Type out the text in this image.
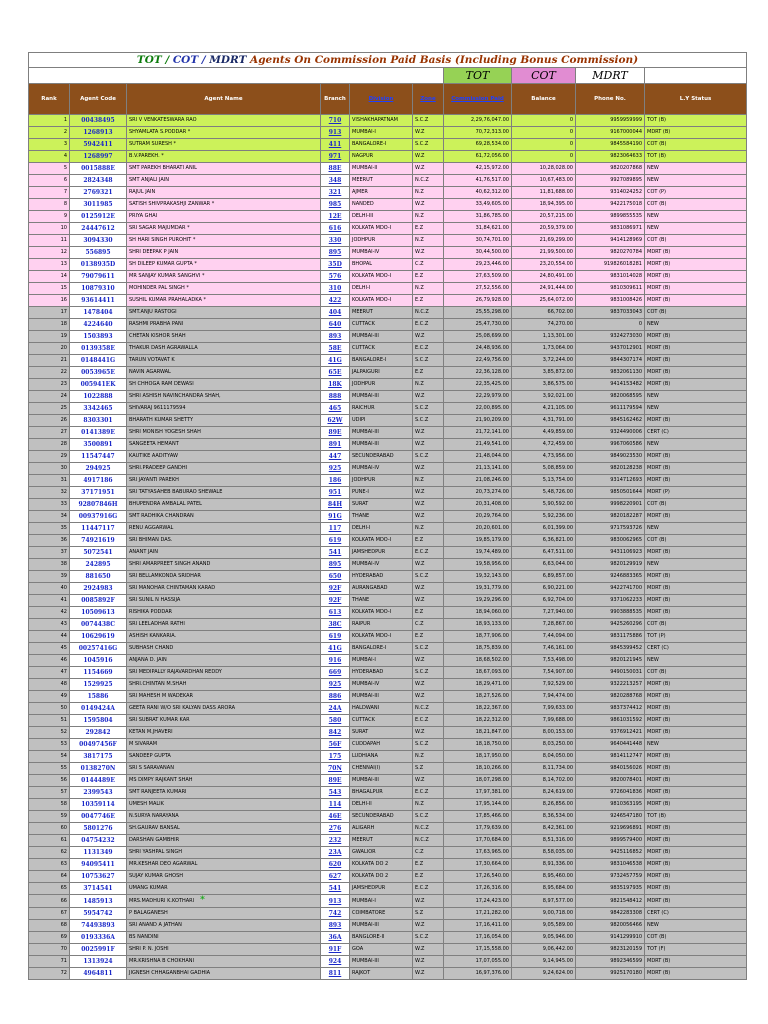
TOT / COT / MDRT Agents On Commission Paid Basis (Including Bonus Commission)									
						TOT	COT	MDRT	
Rank	Agent Code	Agent Name	Branch	Division	Zone	Commission Paid	Balance	Phone No.	L.Y Status
1	00438495	SRI V VENKATESWARA RAO	710	VISHAKHAPATNAM	S.C.Z	2,29,76,047.00	0	9959959999	TOT (B)
2	1268913	SHYAMLATA S.PODDAR *	913	MUMBAI-I	W.Z	70,72,313.00	0	9167000044	MDRT (B)
3	5942411	SUTRAM SURESH *	411	BANGALORE-I	S.C.Z	69,28,534.00	0	9845584190	COT (B)
4	1268997	B.V.PAREKH. *	971	NAGPUR	W.Z	61,72,056.00	0	9823064633	TOT (B)
5	0015888E	SMT PAREKH BHARATI ANIL	88E	MUMBAI-II	W.Z	42,15,972.00	10,28,028.00	9820207868	NEW
6	2824348	SMT ANJALI JAIN	348	MEERUT	N.C.Z	41,76,517.00	10,67,483.00	9927089895	NEW
7	2769321	RAJUL JAIN	321	AJMER	N.Z	40,62,312.00	11,81,688.00	9314024252	COT (P)
8	3011985	SATISH SHIVPRAKASHJI ZANWAR *	985	NANDED	W.Z	33,49,605.00	18,94,395.00	9422175018	COT (B)
9	0125912E	PRIYA GHAI	12E	DELHI-III	N.Z	31,86,785.00	20,57,215.00	9899855535	NEW
10	24447612	SRI SAGAR MAJUMDAR *	616	KOLKATA MDO-I	E.Z	31,84,621.00	20,59,379.00	9831086971	NEW
11	3094330	SH HARI SINGH PUROHIT *	330	JODHPUR	N.Z	30,74,701.00	21,69,299.00	9414128969	COT (B)
12	556895	SHRI DEEPAK P JAIN	895	MUMBAI-IV	W.Z	30,44,500.00	21,99,500.00	9820270784	MDRT (B)
13	0138935D	SH DILEEP KUMAR GUPTA *	35D	BHOPAL	C.Z	29,23,446.00	23,20,554.00	919826018281	MDRT (B)
14	79079611	MR SANJAY KUMAR SANGHVI *	576	KOLKATA MDO-I	E.Z	27,63,509.00	24,80,491.00	9831014028	MDRT (B)
15	10879310	MOHINDER PAL SINGH *	310	DELHI-I	N.Z	27,52,556.00	24,91,444.00	9810309611	MDRT (B)
16	93614411	SUSHIL KUMAR PRAHALADKA *	422	KOLKATA MDO-I	E.Z	26,79,928.00	25,64,072.00	9831008426	MDRT (B)
17	1478404	SMT.ANJU RASTOGI	404	MEERUT	N.C.Z	25,55,298.00	66,702.00	9837033043	COT (B)
18	4224640	RASHMI PRABHA PANI	640	CUTTACK	E.C.Z	25,47,730.00	74,270.00	0	NEW
19	1503893	CHETAN KISHOR SHAH	893	MUMBAI-III	W.Z	25,08,699.00	1,13,301.00	9324273030	MDRT (B)
20	0139358E	THAKUR DASH AGRAWALLA	58E	CUTTACK	E.C.Z	24,48,936.00	1,73,064.00	9437012901	MDRT (B)
21	0148441G	TARUN VOTAVAT K	41G	BANGALORE-I	S.C.Z	22,49,756.00	3,72,244.00	9844307174	MDRT (B)
22	0053965E	NAVIN AGARWAL	65E	JALPAIGURI	E.Z	22,36,128.00	3,85,872.00	9832061130	MDRT (B)
23	005941EK	SH CHHOGA RAM DEWASI	18K	JODHPUR	N.Z	22,35,425.00	3,86,575.00	9414153482	MDRT (B)
24	1022888	SHRI ASHISH NAVINCHANDRA SHAH,	888	MUMBAI-III	W.Z	22,29,979.00	3,92,021.00	9820068595	NEW
25	3342465	SHIVARAJ 9611179594	465	RAICHUR	S.C.Z	22,00,895.00	4,21,105.00	9611179594	NEW
26	8303301	BHARATH KUMAR SHETTY	62W	UDIPI	S.C.Z	21,90,209.00	4,31,791.00	9845162462	MDRT (B)
27	0141389E	SHRI MONISH YOGESH SHAH	89E	MUMBAI-III	W.Z	21,72,141.00	4,49,859.00	9324490006	CERT (C)
28	3500891	SANGEETA HEMANT	891	MUMBAI-III	W.Z	21,49,541.00	4,72,459.00	9967060586	NEW
29	11547447	KAUTIKE AADITYAW	447	SECUNDERABAD	S.C.Z	21,48,044.00	4,73,956.00	9849023530	MDRT (B)
30	294925	SHRI.PRADEEP GANDHI	925	MUMBAI-IV	W.Z	21,13,141.00	5,08,859.00	9820128238	MDRT (B)
31	4917186	SRI JAYANTI PAREKH	186	JODHPUR	N.Z	21,08,246.00	5,13,754.00	9314712693	MDRT (B)
32	37171951	SRI TATYASAHEB BABURAO SHEWALE	951	PUNE-I	W.Z	20,73,274.00	5,48,726.00	9850501644	MDRT (P)
33	92807846H	BHUPENDRA AMBALAL PATEL	84H	SURAT	W.Z	20,31,408.00	5,90,592.00	9998220901	COT (B)
34	00937916G	SMT RADHIKA CHANDRAN	91G	THANE	W.Z	20,29,764.00	5,92,236.00	9820182287	MDRT (B)
35	11447117	RENU AGGARWAL	117	DELHI-I	N.Z	20,20,601.00	6,01,399.00	9717593726	NEW
36	74921619	SRI BHIMAN DAS.	619	KOLKATA MDO-I	E.Z	19,85,179.00	6,36,821.00	9830062965	COT (B)
37	5072541	ANANT JAIN	541	JAMSHEDPUR	E.C.Z	19,74,489.00	6,47,511.00	9431106923	MDRT (B)
38	242895	SHRI AMARPREET SINGH ANAND	895	MUMBAI-IV	W.Z	19,58,956.00	6,63,044.00	9820129919	NEW
39	881650	SRI BELLAMKONDA SRIDHAR	650	HYDERABAD	S.C.Z	19,32,143.00	6,89,857.00	9246883365	MDRT (B)
40	2924983	SRI MANOHAR CHINTAMAN KARAD	92F	AURANGABAD	W.Z	19,31,779.00	6,90,221.00	9422741700	MDRT (B)
41	0085892F	SRI SUNIL N HASSIJA	92F	THANE	W.Z	19,29,296.00	6,92,704.00	9371062233	MDRT (B)
42	10509613	RISHIKA PODDAR	613	KOLKATA MDO-I	E.Z	18,94,060.00	7,27,940.00	9903888535	MDRT (B)
43	0074438C	SRI LEELADHAR RATHI	38C	RAIPUR	C.Z	18,93,133.00	7,28,867.00	9425260296	COT (B)
44	10629619	ASHISH KANKARIA.	619	KOLKATA MDO-I	E.Z	18,77,906.00	7,44,094.00	9831175886	TOT (P)
45	00257416G	SUBHASH CHAND	41G	BANGALORE-I	S.C.Z	18,75,839.00	7,46,161.00	9845399452	CERT (C)
46	1045916	ANJANA D. JAIN	916	MUMBAI-I	W.Z	18,68,502.00	7,53,498.00	9820121945	NEW
47	1154669	SRI MEDIPALLY RAJAVARDHAN REDDY	669	HYDERABAD	S.C.Z	18,67,093.00	7,54,907.00	9490150031	COT (B)
48	1529925	SHRI.CHINTAN M.SHAH	925	MUMBAI-IV	W.Z	18,29,471.00	7,92,529.00	9322213257	MDRT (B)
49	15886	SRI MAHESH M WADEKAR	886	MUMBAI-III	W.Z	18,27,526.00	7,94,474.00	9820288768	MDRT (B)
50	0149424A	GEETA RANI W/O SRI KALYAN DASS ARORA	24A	HALDWANI	N.C.Z	18,22,367.00	7,99,633.00	9837374412	MDRT (B)
51	1595804	SRI SUBRAT KUMAR KAR	580	CUTTACK	E.C.Z	18,22,312.00	7,99,688.00	9861031592	MDRT (B)
52	292842	KETAN M.JHAVERI	842	SURAT	W.Z	18,21,847.00	8,00,153.00	9376912421	MDRT (B)
53	00497456F	M SIVARAM	56F	CUDDAPAH	S.C.Z	18,18,750.00	8,03,250.00	9640441448	NEW
54	3817175	SANDEEP GUPTA	175	LUDHIANA	N.Z	18,17,950.00	8,04,050.00	9814112747	MDRT (B)
55	0138270N	SRI S SARAVANAN	70N	CHENNAI(I)	S.Z	18,10,266.00	8,11,734.00	9840156026	MDRT (B)
56	0144489E	MS DIMPY RAJKANT SHAH	89E	MUMBAI-III	W.Z	18,07,298.00	8,14,702.00	9820078401	MDRT (B)
57	2399543	SMT RANJEETA KUMARI	543	BHAGALPUR	E.C.Z	17,97,381.00	8,24,619.00	9726041836	MDRT (B)
58	10359114	UMESH MALIK	114	DELHI-II	N.Z	17,95,144.00	8,26,856.00	9810363195	MDRT (B)
59	0047746E	N.SURYA NARAYANA	46E	SECUNDERABAD	S.C.Z	17,85,466.00	8,36,534.00	9246547180	TOT (B)
60	5801276	SH.GAURAV BANSAL	276	ALIGARH	N.C.Z	17,79,639.00	8,42,361.00	9219696891	MDRT (B)
61	04754232	DARSHAN GAMBHIR	232	MEERUT	N.C.Z	17,70,684.00	8,51,316.00	9899579400	MDRT (B)
62	1131349	SHRI YASHPAL SINGH	23A	GWALIOR	C.Z	17,63,965.00	8,58,035.00	9425116852	MDRT (B)
63	94095411	MR.KESHAR DEO AGARWAL	620	KOLKATA DO 2	E.Z	17,30,664.00	8,91,336.00	9831046538	MDRT (B)
64	10753627	SUJAY KUMAR GHOSH	627	KOLKATA DO 2	E.Z	17,26,540.00	8,95,460.00	9732457759	MDRT (B)
65	3714541	UMANG KUMAR	541	JAMSHEDPUR	E.C.Z	17,26,316.00	8,95,684.00	9835197935	MDRT (B)
66	1485913	MRS.MADHURI K.KOTHARI *	913	MUMBAI-I	W.Z	17,24,423.00	8,97,577.00	9821548412	MDRT (B)
67	5954742	P BALAGANESH	742	COIMBATORE	S.Z	17,21,282.00	9,00,718.00	9842283308	CERT (C)
68	74493893	SRI ANAND A JATHAN	893	MUMBAI-III	W.Z	17,16,411.00	9,05,589.00	9820056466	NEW
69	0193336A	BS NANDINI	36A	BANGLORE-II	S.C.Z	17,16,054.00	9,05,946.00	9141299910	COT (B)
70	0025991F	SHRI P. N. JOSHI	91F	GOA	W.Z	17,15,558.00	9,06,442.00	9823120159	TOT (F)
71	1313924	MR.KRISHNA B CHOKHANI	924	MUMBAI-III	W.Z	17,07,055.00	9,14,945.00	9892346599	MDRT (B)
72	4964811	JIGNESH CHHAGANBHAI GADHIA	811	RAJKOT	W.Z	16,97,376.00	9,24,624.00	9925170180	MDRT (B)
